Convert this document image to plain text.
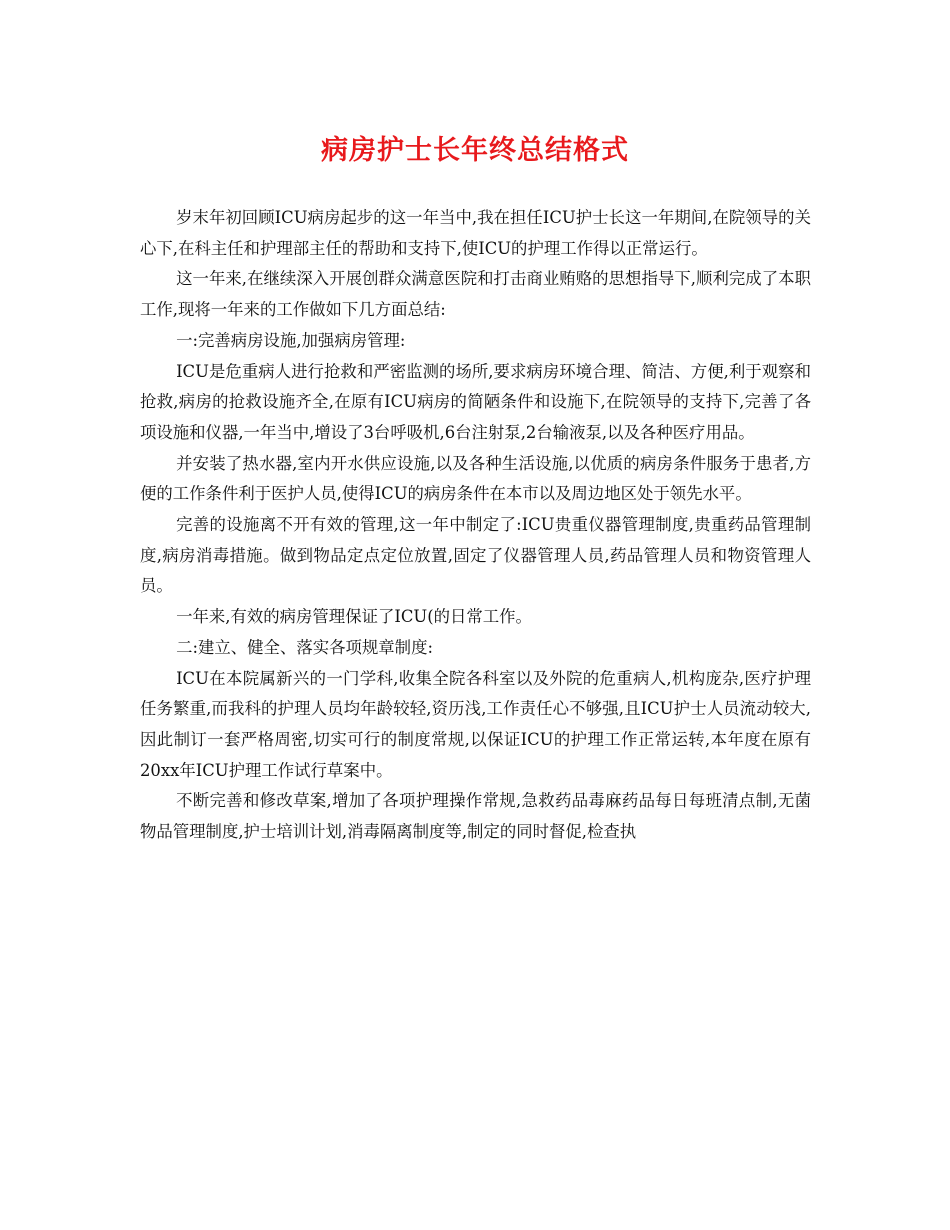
病房护士长年终总结格式

岁末年初回顾ICU病房起步的这一年当中,我在担任ICU护士长这一年期间,在院领导的关心下,在科主任和护理部主任的帮助和支持下,使ICU的护理工作得以正常运行。

这一年来,在继续深入开展创群众满意医院和打击商业贿赂的思想指导下,顺利完成了本职工作,现将一年来的工作做如下几方面总结:

一:完善病房设施,加强病房管理:

ICU是危重病人进行抢救和严密监测的场所,要求病房环境合理、简洁、方便,利于观察和抢救,病房的抢救设施齐全,在原有ICU病房的简陋条件和设施下,在院领导的支持下,完善了各项设施和仪器,一年当中,增设了3台呼吸机,6台注射泵,2台输液泵,以及各种医疗用品。

并安装了热水器,室内开水供应设施,以及各种生活设施,以优质的病房条件服务于患者,方便的工作条件利于医护人员,使得ICU的病房条件在本市以及周边地区处于领先水平。

完善的设施离不开有效的管理,这一年中制定了:ICU贵重仪器管理制度,贵重药品管理制度,病房消毒措施。做到物品定点定位放置,固定了仪器管理人员,药品管理人员和物资管理人员。

一年来,有效的病房管理保证了ICU(的日常工作。

二:建立、健全、落实各项规章制度:

ICU在本院属新兴的一门学科,收集全院各科室以及外院的危重病人,机构庞杂,医疗护理任务繁重,而我科的护理人员均年龄较轻,资历浅,工作责任心不够强,且ICU护士人员流动较大,因此制订一套严格周密,切实可行的制度常规,以保证ICU的护理工作正常运转,本年度在原有20xx年ICU护理工作试行草案中。

不断完善和修改草案,增加了各项护理操作常规,急救药品毒麻药品每日每班清点制,无菌物品管理制度,护士培训计划,消毒隔离制度等,制定的同时督促,检查执
